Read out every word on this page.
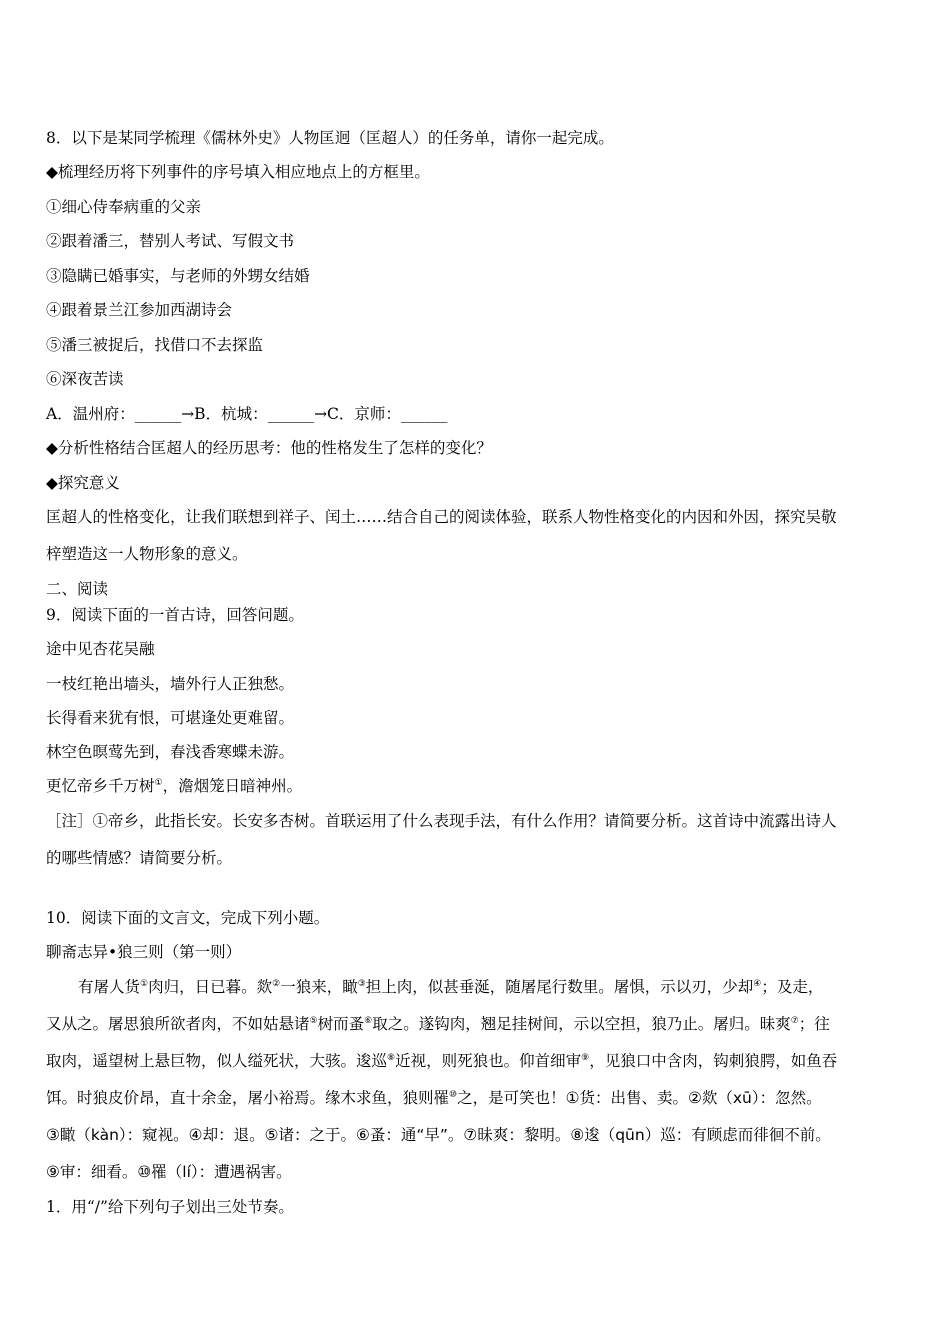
8．以下是某同学梳理《儒林外史》人物匡迥（匡超人）的任务单，请你一起完成。
◆梳理经历将下列事件的序号填入相应地点上的方框里。
①细心侍奉病重的父亲
②跟着潘三，替别人考试、写假文书
③隐瞒已婚事实，与老师的外甥女结婚
④跟着景兰江参加西湖诗会
⑤潘三被捉后，找借口不去探监
⑥深夜苦读
A．温州府：______→B．杭城：______→C．京师：______
◆分析性格结合匡超人的经历思考：他的性格发生了怎样的变化？
◆探究意义
匡超人的性格变化，让我们联想到祥子、闰土……结合自己的阅读体验，联系人物性格变化的内因和外因，探究吴敬
梓塑造这一人物形象的意义。
二、阅读
9．阅读下面的一首古诗，回答问题。
途中见杏花吴融
一枝红艳出墙头，墙外行人正独愁。
长得看来犹有恨，可堪逢处更难留。
林空色暝莺先到，春浅香寒蝶未游。
更忆帝乡千万树①，澹烟笼日暗神州。
［注］①帝乡，此指长安。长安多杏树。首联运用了什么表现手法，有什么作用？请简要分析。这首诗中流露出诗人
的哪些情感？请简要分析。
10．阅读下面的文言文，完成下列小题。
聊斋志异•狼三则（第一则）
有屠人货①肉归，日已暮。欻②一狼来，瞰③担上肉，似甚垂涎，随屠尾行数里。屠惧，示以刃，少却④；及走，
又从之。屠思狼所欲者肉，不如姑悬诸⑤树而蚤⑥取之。遂钩肉，翘足挂树间，示以空担，狼乃止。屠归。昧爽⑦；往
取肉，遥望树上悬巨物，似人缢死状，大骇。逡巡⑧近视，则死狼也。仰首细审⑨，见狼口中含肉，钩刺狼腭，如鱼吞
饵。时狼皮价昂，直十余金，屠小裕焉。缘木求鱼，狼则罹⑩之，是可笑也！①货：出售、卖。②欻（xū）：忽然。
③瞰（kàn）：窥视。④却：退。⑤诸：之于。⑥蚤：通“早”。⑦昧爽：黎明。⑧逡（qūn）巡：有顾虑而徘徊不前。
⑨审：细看。⑩罹（lí）：遭遇祸害。
1．用“/”给下列句子划出三处节奏。
